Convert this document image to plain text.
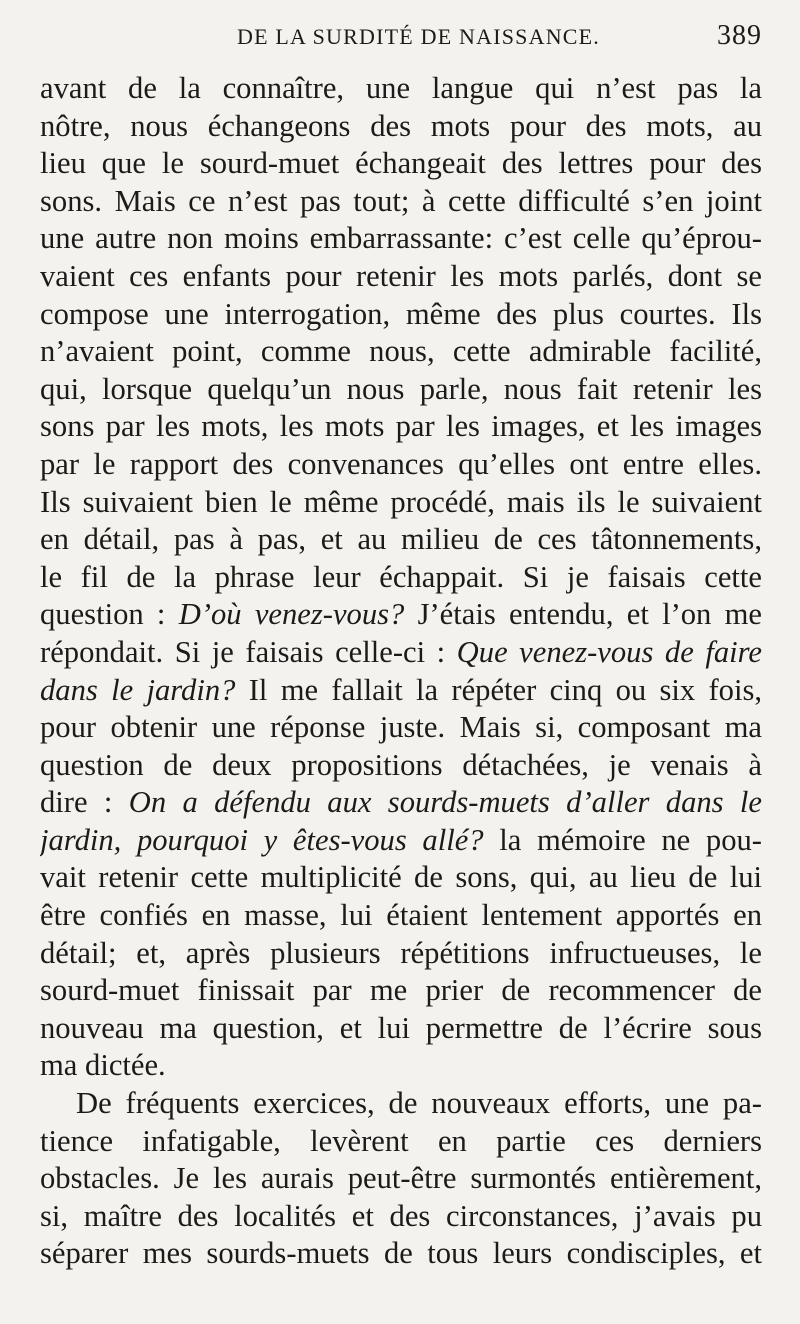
DE LA SURDITÉ DE NAISSANCE.	389
avant de la connaître, une langue qui n’est pas la
nôtre, nous échangeons des mots pour des mots, au
lieu que le sourd-muet échangeait des lettres pour des
sons. Mais ce n’est pas tout; à cette difficulté s’en joint
une autre non moins embarrassante: c’est celle qu’éprou-
vaient ces enfants pour retenir les mots parlés, dont se
compose une interrogation, même des plus courtes. Ils
n’avaient point, comme nous, cette admirable facilité,
qui, lorsque quelqu’un nous parle, nous fait retenir les
sons par les mots, les mots par les images, et les images
par le rapport des convenances qu’elles ont entre elles.
Ils suivaient bien le même procédé, mais ils le suivaient
en détail, pas à pas, et au milieu de ces tâtonnements,
le fil de la phrase leur échappait. Si je faisais cette
question : D’où venez-vous? J’étais entendu, et l’on me
répondait. Si je faisais celle-ci : Que venez-vous de faire
dans le jardin? Il me fallait la répéter cinq ou six fois,
pour obtenir une réponse juste. Mais si, composant ma
question de deux propositions détachées, je venais à
dire : On a défendu aux sourds-muets d’aller dans le
jardin, pourquoi y êtes-vous allé? la mémoire ne pou-
vait retenir cette multiplicité de sons, qui, au lieu de lui
être confiés en masse, lui étaient lentement apportés en
détail; et, après plusieurs répétitions infructueuses, le
sourd-muet finissait par me prier de recommencer de
nouveau ma question, et lui permettre de l’écrire sous
ma dictée.
De fréquents exercices, de nouveaux efforts, une pa-
tience infatigable, levèrent en partie ces derniers
obstacles. Je les aurais peut-être surmontés entièrement,
si, maître des localités et des circonstances, j’avais pu
séparer mes sourds-muets de tous leurs condisciples, et
